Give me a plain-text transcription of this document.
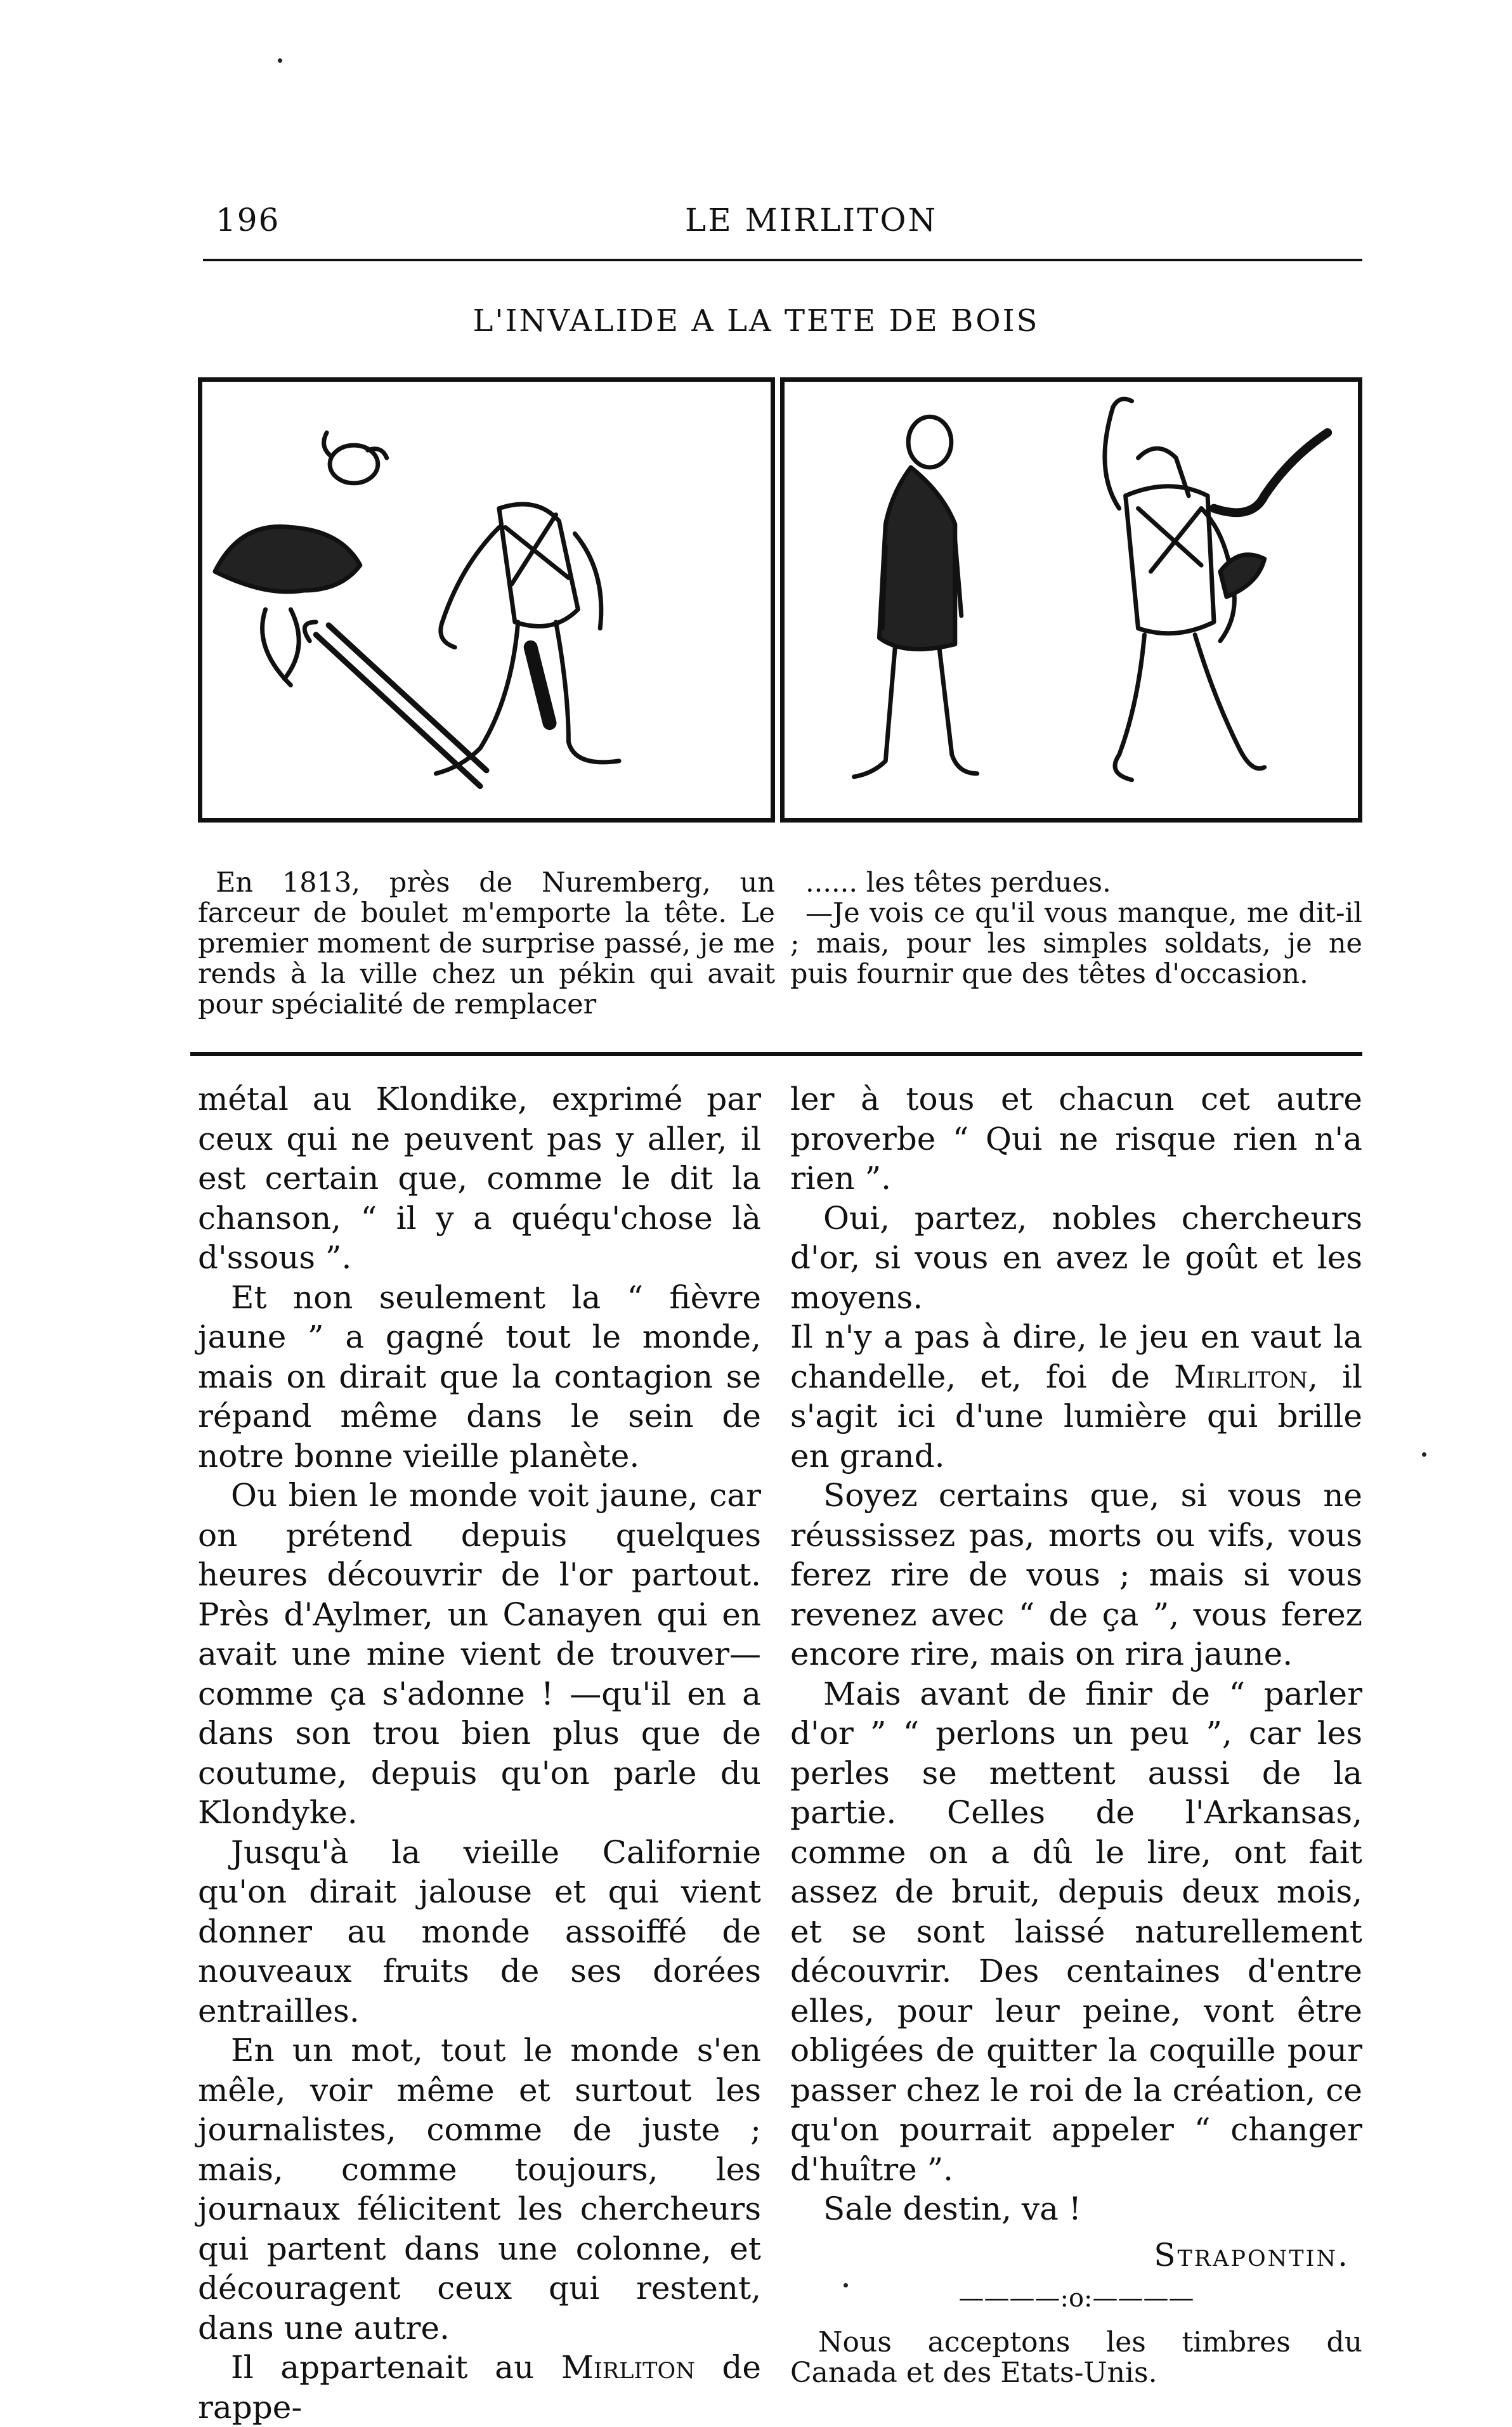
196	LE MIRLITON
L'INVALIDE A LA TETE DE BOIS

En 1813, près de Nuremberg, un farceur de boulet m'emporte la tête. Le premier moment de surprise passé, je me rends à la ville chez un pékin qui avait pour spécialité de remplacer

...... les têtes perdues.

—Je vois ce qu'il vous manque, me dit-il ; mais, pour les simples soldats, je ne puis fournir que des têtes d'occasion.

métal au Klondike, exprimé par ceux qui ne peuvent pas y aller, il est certain que, comme le dit la chanson, “ il y a quéqu'chose là d'ssous ”.

Et non seulement la “ fièvre jaune ” a gagné tout le monde, mais on dirait que la contagion se répand même dans le sein de notre bonne vieille planète.

Ou bien le monde voit jaune, car on prétend depuis quelques heures découvrir de l'or partout. Près d'Aylmer, un Canayen qui en avait une mine vient de trouver—comme ça s'adonne ! —qu'il en a dans son trou bien plus que de coutume, depuis qu'on parle du Klondyke.

Jusqu'à la vieille Californie qu'on dirait jalouse et qui vient donner au monde assoiffé de nouveaux fruits de ses dorées entrailles.

En un mot, tout le monde s'en mêle, voir même et surtout les journalistes, comme de juste ; mais, comme toujours, les journaux félicitent les chercheurs qui partent dans une colonne, et découragent ceux qui restent, dans une autre.

Il appartenait au Mirliton de rappe-

ler à tous et chacun cet autre proverbe “ Qui ne risque rien n'a rien ”.

Oui, partez, nobles chercheurs d'or, si vous en avez le goût et les moyens.

Il n'y a pas à dire, le jeu en vaut la chandelle, et, foi de Mirliton, il s'agit ici d'une lumière qui brille en grand.

Soyez certains que, si vous ne réussissez pas, morts ou vifs, vous ferez rire de vous ; mais si vous revenez avec “ de ça ”, vous ferez encore rire, mais on rira jaune.

Mais avant de finir de “ parler d'or ” “ perlons un peu ”, car les perles se mettent aussi de la partie. Celles de l'Arkansas, comme on a dû le lire, ont fait assez de bruit, depuis deux mois, et se sont laissé naturellement découvrir. Des centaines d'entre elles, pour leur peine, vont être obligées de quitter la coquille pour passer chez le roi de la création, ce qu'on pourrait appeler “ changer d'huître ”.

Sale destin, va !

Strapontin.
————:o:————
Nous acceptons les timbres du Canada et des Etats-Unis.
